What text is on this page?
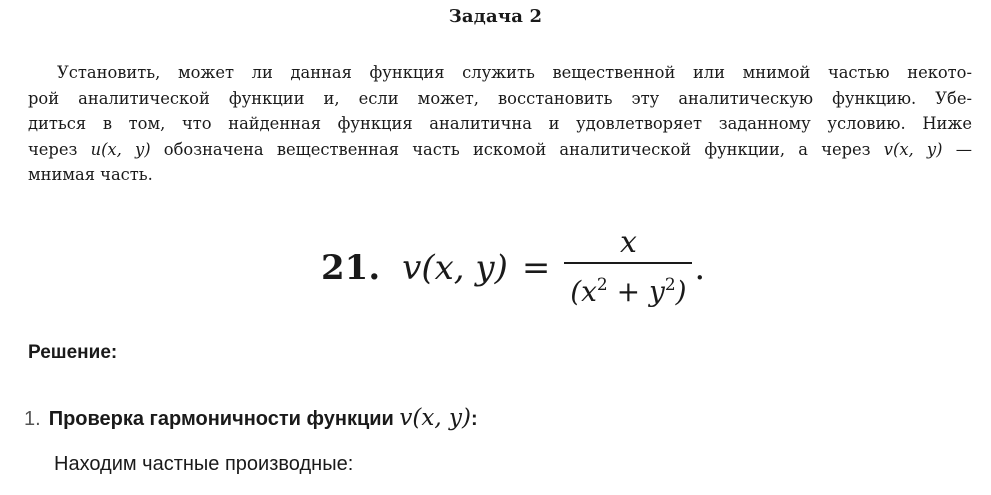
Задача 2
Установить, может ли данная функция служить вещественной или мнимой частью некото-
рой аналитической функции и, если может, восстановить эту аналитическую функцию. Убе-
диться в том, что найденная функция аналитична и удовлетворяет заданному условию. Ниже
через u(x, y) обозначена вещественная часть искомой аналитической функции, а через v(x, y) —
мнимая часть.
21. v(x, $y) = \frac{x}{(x^2 + y^2)}$ .
Решение:
1. Проверка гармоничности функции v(x, y):
Находим частные производные:
